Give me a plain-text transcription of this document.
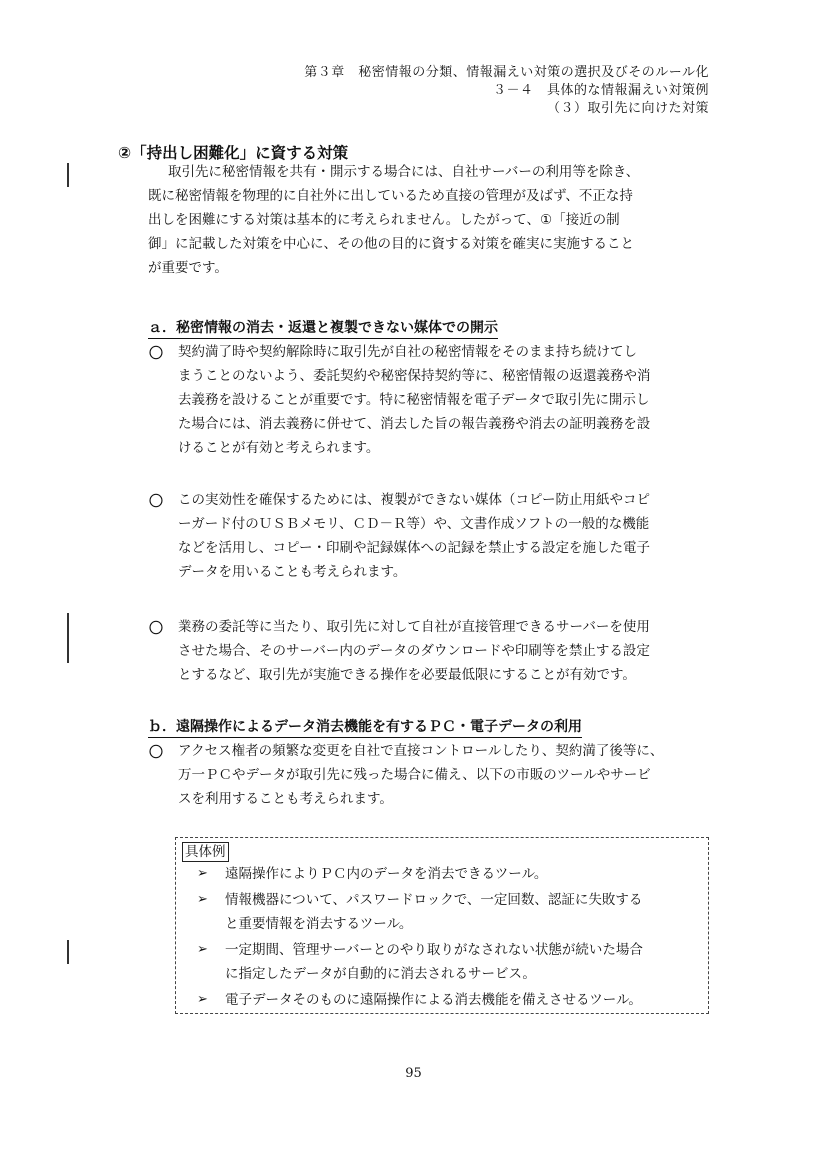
第３章　秘密情報の分類、情報漏えい対策の選択及びそのルール化
３－４　具体的な情報漏えい対策例
（３）取引先に向けた対策
②「持出し困難化」に資する対策
取引先に秘密情報を共有・開示する場合には、自社サーバーの利用等を除き、
既に秘密情報を物理的に自社外に出しているため直接の管理が及ばず、不正な持
出しを困難にする対策は基本的に考えられません。したがって、①「接近の制
御」に記載した対策を中心に、その他の目的に資する対策を確実に実施すること
が重要です。
ａ．秘密情報の消去・返還と複製できない媒体での開示
〇 契約満了時や契約解除時に取引先が自社の秘密情報をそのまま持ち続けてし
まうことのないよう、委託契約や秘密保持契約等に、秘密情報の返還義務や消
去義務を設けることが重要です。特に秘密情報を電子データで取引先に開示し
た場合には、消去義務に併せて、消去した旨の報告義務や消去の証明義務を設
けることが有効と考えられます。
〇 この実効性を確保するためには、複製ができない媒体（コピー防止用紙やコピ
ーガード付のＵＳＢメモリ、ＣＤ－Ｒ等）や、文書作成ソフトの一般的な機能
などを活用し、コピー・印刷や記録媒体への記録を禁止する設定を施した電子
データを用いることも考えられます。
〇 業務の委託等に当たり、取引先に対して自社が直接管理できるサーバーを使用
させた場合、そのサーバー内のデータのダウンロードや印刷等を禁止する設定
とするなど、取引先が実施できる操作を必要最低限にすることが有効です。
ｂ．遠隔操作によるデータ消去機能を有するＰＣ・電子データの利用
〇 アクセス権者の頻繁な変更を自社で直接コントロールしたり、契約満了後等に、
万一ＰＣやデータが取引先に残った場合に備え、以下の市販のツールやサービ
スを利用することも考えられます。
具体例
➢ 遠隔操作によりＰＣ内のデータを消去できるツール。
➢ 情報機器について、パスワードロックで、一定回数、認証に失敗する
と重要情報を消去するツール。
➢ 一定期間、管理サーバーとのやり取りがなされない状態が続いた場合
に指定したデータが自動的に消去されるサービス。
➢ 電子データそのものに遠隔操作による消去機能を備えさせるツール。
95
